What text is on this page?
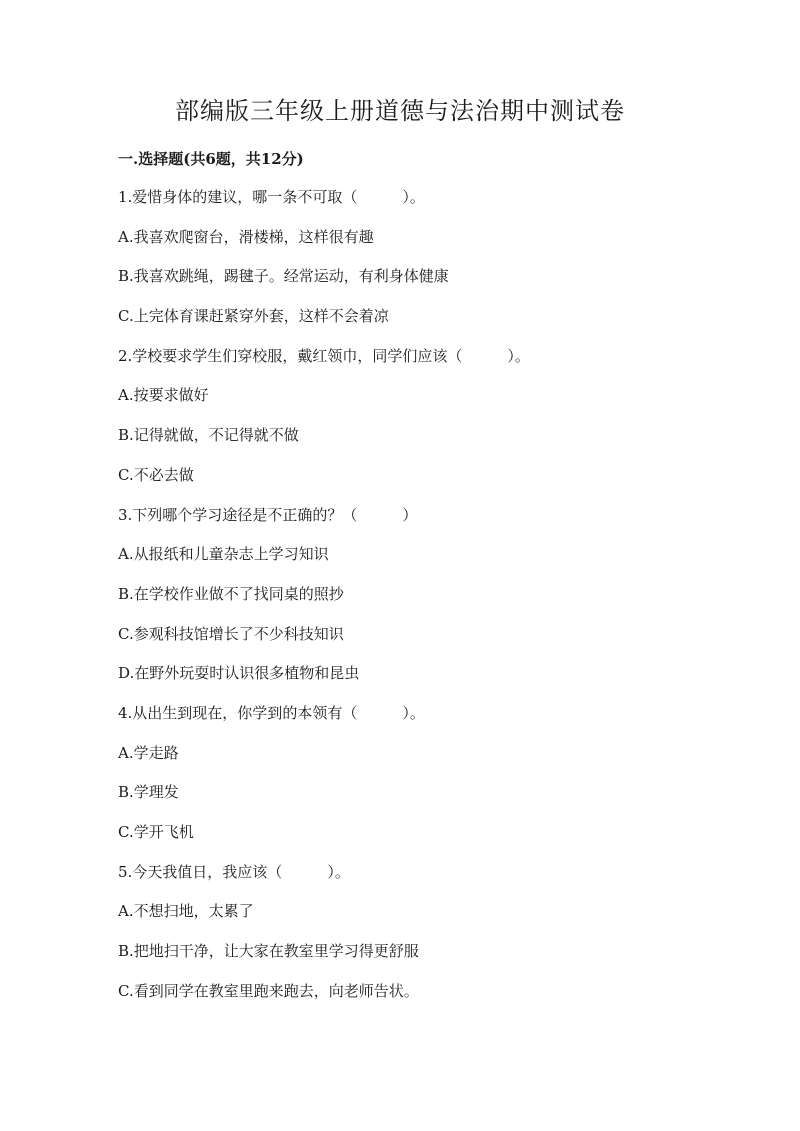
部编版三年级上册道德与法治期中测试卷
一.选择题(共6题，共12分)
1.爱惜身体的建议，哪一条不可取（　　　）。
A.我喜欢爬窗台，滑楼梯，这样很有趣
B.我喜欢跳绳，踢毽子。经常运动，有利身体健康
C.上完体育课赶紧穿外套，这样不会着凉
2.学校要求学生们穿校服，戴红领巾，同学们应该（　　　）。
A.按要求做好
B.记得就做，不记得就不做
C.不必去做
3.下列哪个学习途径是不正确的？（　　　）
A.从报纸和儿童杂志上学习知识
B.在学校作业做不了找同桌的照抄
C.参观科技馆增长了不少科技知识
D.在野外玩耍时认识很多植物和昆虫
4.从出生到现在，你学到的本领有（　　　）。
A.学走路
B.学理发
C.学开飞机
5.今天我值日，我应该（　　　）。
A.不想扫地，太累了
B.把地扫干净，让大家在教室里学习得更舒服
C.看到同学在教室里跑来跑去，向老师告状。
